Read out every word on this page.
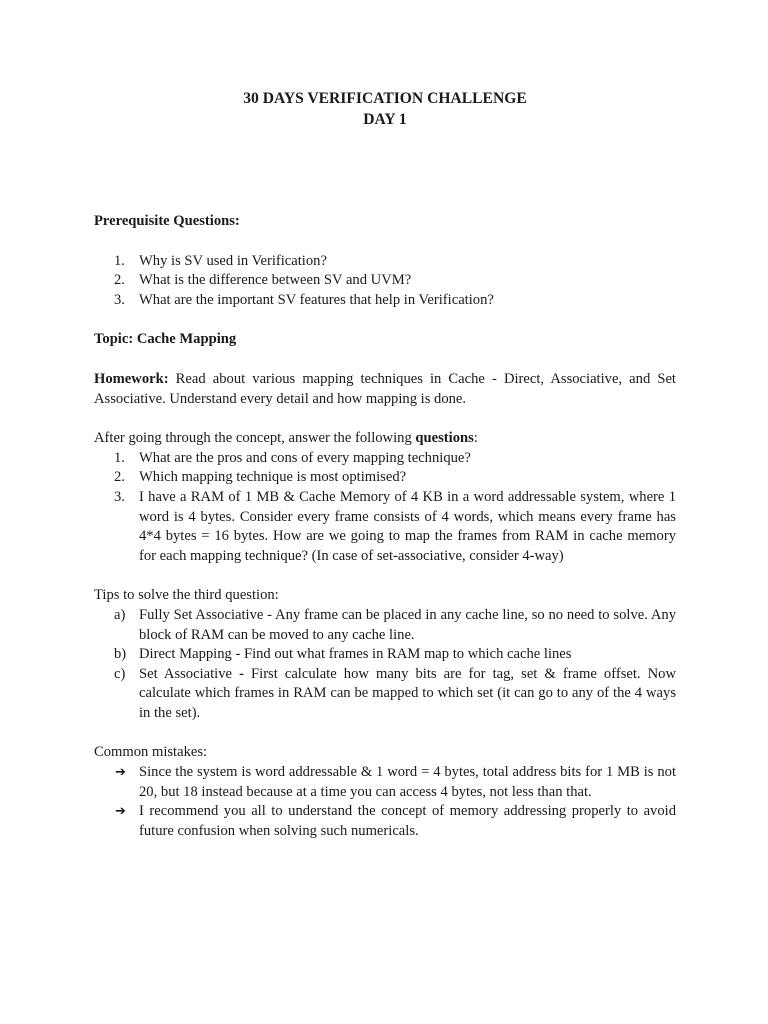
30 DAYS VERIFICATION CHALLENGE

DAY 1

Prerequisite Questions:

1. Why is SV used in Verification?
2. What is the difference between SV and UVM?
3. What are the important SV features that help in Verification?

Topic: Cache Mapping

Homework: Read about various mapping techniques in Cache - Direct, Associative, and Set Associative. Understand every detail and how mapping is done.

After going through the concept, answer the following questions:

1. What are the pros and cons of every mapping technique?
2. Which mapping technique is most optimised?
3. I have a RAM of 1 MB & Cache Memory of 4 KB in a word addressable system, where 1 word is 4 bytes. Consider every frame consists of 4 words, which means every frame has 4*4 bytes = 16 bytes. How are we going to map the frames from RAM in cache memory for each mapping technique? (In case of set-associative, consider 4-way)

Tips to solve the third question:

a) Fully Set Associative - Any frame can be placed in any cache line, so no need to solve. Any block of RAM can be moved to any cache line.
b) Direct Mapping - Find out what frames in RAM map to which cache lines
c) Set Associative - First calculate how many bits are for tag, set & frame offset. Now calculate which frames in RAM can be mapped to which set (it can go to any of the 4 ways in the set).

Common mistakes:

➔ Since the system is word addressable & 1 word = 4 bytes, total address bits for 1 MB is not 20, but 18 instead because at a time you can access 4 bytes, not less than that.
➔ I recommend you all to understand the concept of memory addressing properly to avoid future confusion when solving such numericals.
